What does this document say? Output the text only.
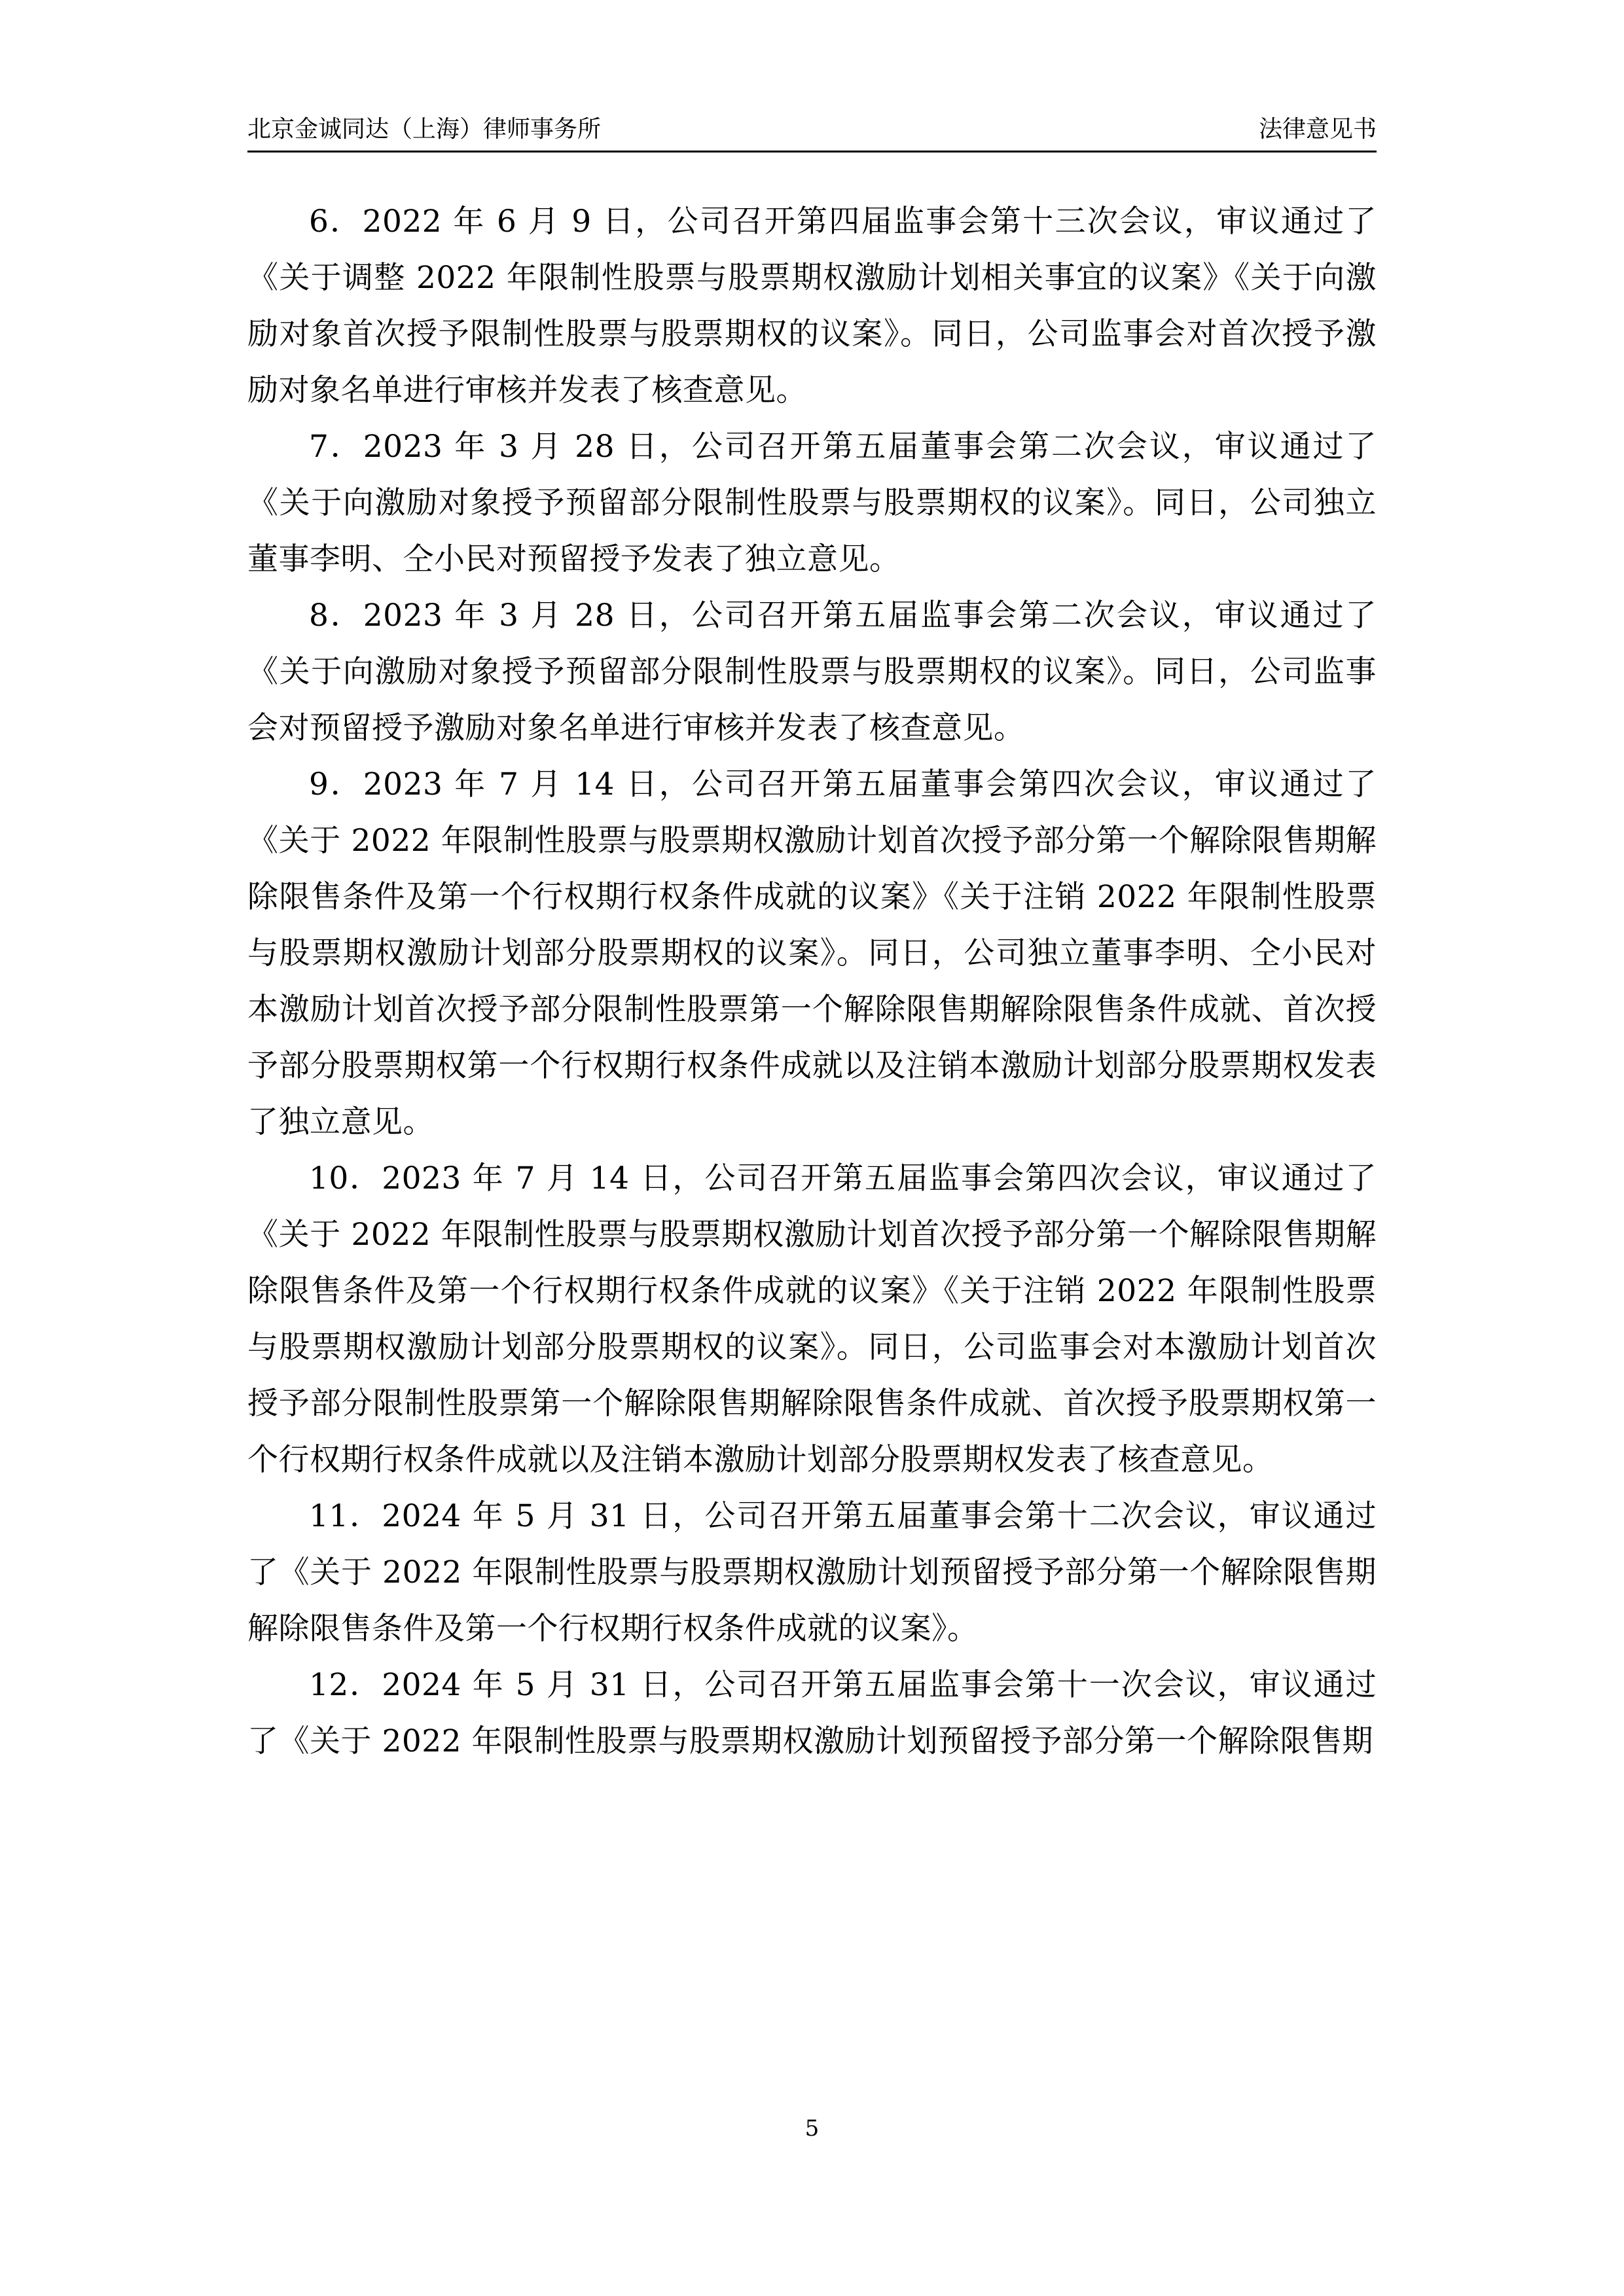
北京金诚同达（上海）律师事务所	法律意见书

6．2022 年 6 月 9 日，公司召开第四届监事会第十三次会议，审议通过了《关于调整 2022 年限制性股票与股票期权激励计划相关事宜的议案》《关于向激励对象首次授予限制性股票与股票期权的议案》。同日，公司监事会对首次授予激励对象名单进行审核并发表了核查意见。

7．2023 年 3 月 28 日，公司召开第五届董事会第二次会议，审议通过了《关于向激励对象授予预留部分限制性股票与股票期权的议案》。同日，公司独立董事李明、仝小民对预留授予发表了独立意见。

8．2023 年 3 月 28 日，公司召开第五届监事会第二次会议，审议通过了《关于向激励对象授予预留部分限制性股票与股票期权的议案》。同日，公司监事会对预留授予激励对象名单进行审核并发表了核查意见。

9．2023 年 7 月 14 日，公司召开第五届董事会第四次会议，审议通过了《关于 2022 年限制性股票与股票期权激励计划首次授予部分第一个解除限售期解除限售条件及第一个行权期行权条件成就的议案》《关于注销 2022 年限制性股票与股票期权激励计划部分股票期权的议案》。同日，公司独立董事李明、仝小民对本激励计划首次授予部分限制性股票第一个解除限售期解除限售条件成就、首次授予部分股票期权第一个行权期行权条件成就以及注销本激励计划部分股票期权发表了独立意见。

10．2023 年 7 月 14 日，公司召开第五届监事会第四次会议，审议通过了《关于 2022 年限制性股票与股票期权激励计划首次授予部分第一个解除限售期解除限售条件及第一个行权期行权条件成就的议案》《关于注销 2022 年限制性股票与股票期权激励计划部分股票期权的议案》。同日，公司监事会对本激励计划首次授予部分限制性股票第一个解除限售期解除限售条件成就、首次授予股票期权第一个行权期行权条件成就以及注销本激励计划部分股票期权发表了核查意见。

11．2024 年 5 月 31 日，公司召开第五届董事会第十二次会议，审议通过了《关于 2022 年限制性股票与股票期权激励计划预留授予部分第一个解除限售期解除限售条件及第一个行权期行权条件成就的议案》。

12．2024 年 5 月 31 日，公司召开第五届监事会第十一次会议，审议通过了《关于 2022 年限制性股票与股票期权激励计划预留授予部分第一个解除限售期

5
